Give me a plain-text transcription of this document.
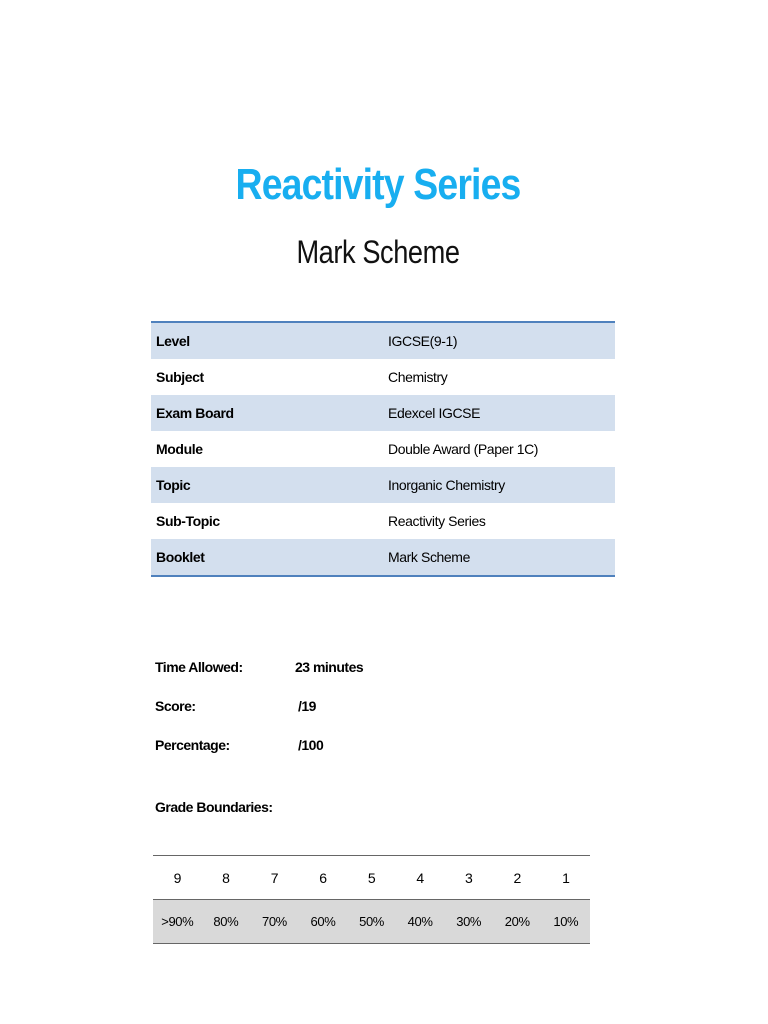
Reactivity Series
Mark Scheme
Level	IGCSE(9-1)
Subject	Chemistry
Exam Board	Edexcel IGCSE
Module	Double Award (Paper 1C)
Topic	Inorganic Chemistry
Sub-Topic	Reactivity Series
Booklet	Mark Scheme
Time Allowed:	23 minutes
Score:	/19
Percentage:	/100
Grade Boundaries:
9	8	7	6	5	4	3	2	1
>90%	80%	70%	60%	50%	40%	30%	20%	10%
